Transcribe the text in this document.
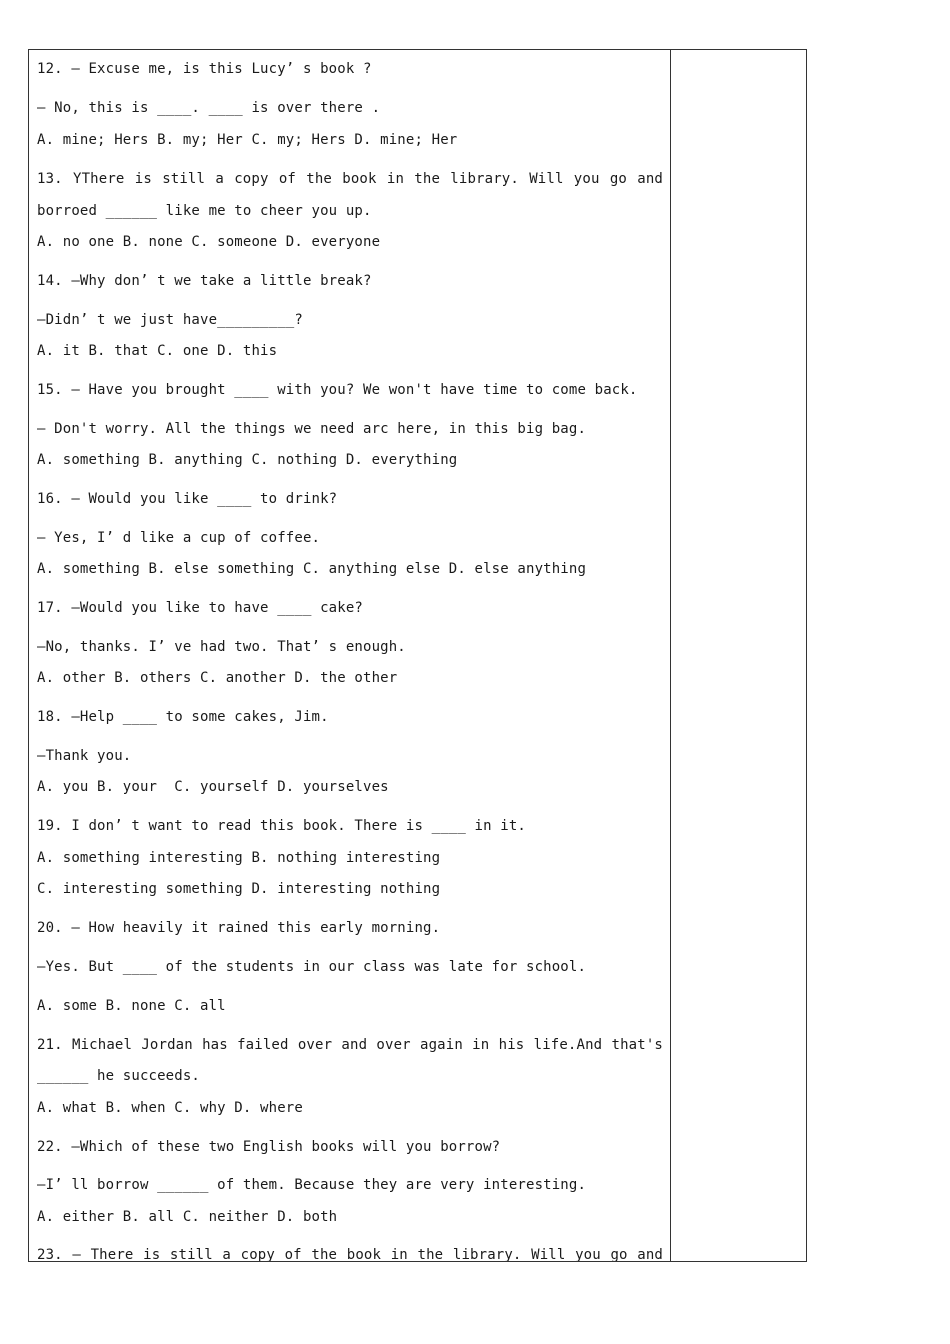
12. — Excuse me, is this Lucy’ s book ?
— No, this is ____. ____ is over there .
A. mine; Hers B. my; Her C. my; Hers D. mine; Her
13. YThere is still a copy of the book in the library. Will you go and
borroed ______ like me to cheer you up.
A. no one B. none C. someone D. everyone
14. —Why don’ t we take a little break?
—Didn’ t we just have_________?
A. it B. that C. one D. this
15. — Have you brought ____ with you? We won't have time to come back.
— Don't worry. All the things we need arc here, in this big bag.
A. something B. anything C. nothing D. everything
16. — Would you like ____ to drink?
— Yes, I’ d like a cup of coffee.
A. something B. else something C. anything else D. else anything
17. —Would you like to have ____ cake?
—No, thanks. I’ ve had two. That’ s enough.
A. other B. others C. another D. the other
18. —Help ____ to some cakes, Jim.
—Thank you.
A. you B. your  C. yourself D. yourselves
19. I don’ t want to read this book. There is ____ in it.
A. something interesting B. nothing interesting
C. interesting something D. interesting nothing
20. — How heavily it rained this early morning.
—Yes. But ____ of the students in our class was late for school.
A. some B. none C. all
21. Michael Jordan has failed over and over again in his life.And that's
______ he succeeds.
A. what B. when C. why D. where
22. —Which of these two English books will you borrow?
—I’ ll borrow ______ of them. Because they are very interesting.
A. either B. all C. neither D. both
23. — There is still a copy of the book in the library. Will you go and
